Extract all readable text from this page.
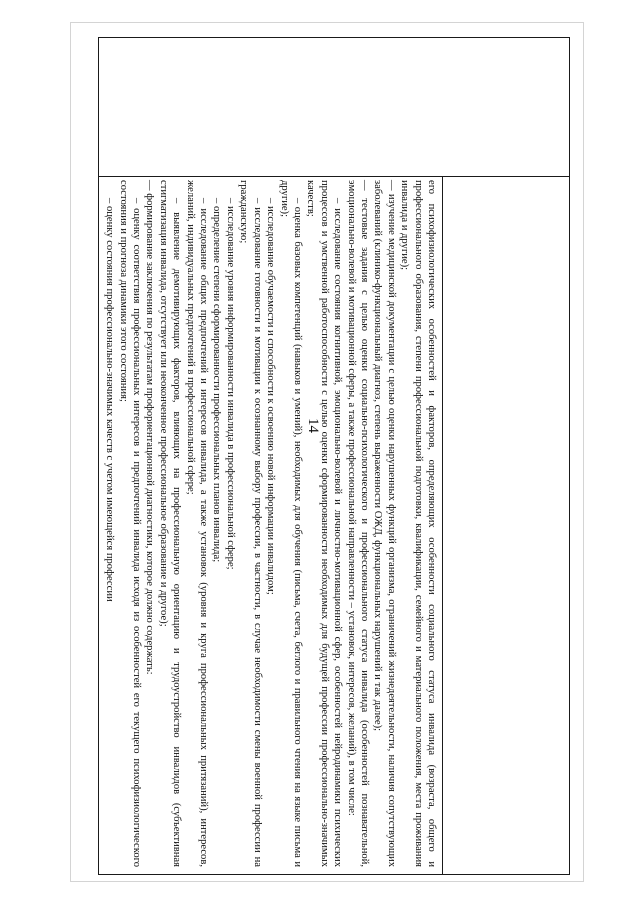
14	его психофизиологических особенностей и факторов, определяющих особенности социального статуса инвалида (возраста, общего и профессионального образования, степени профессиональной подготовки, квалификации, семейного и материального положения, места проживания инвалида и другие);

— изучение медицинской документации с целью оценки нарушенных функций организма, ограничений жизнедеятельности, наличия сопутствующих заболеваний (клинико-функциональный диагноз, степень выраженности ОЖД, функциональных нарушений и так далее);

— тестовые задания с целью оценки социально-психологического и профессионального статуса инвалида (особенностей познавательной, эмоционально-волевой и мотивационной сферы, а также профессиональной направленности – установок, интересов, желаний), в том числе:

– исследование состояния когнитивной, эмоционально-волевой и личностно-мотивационной сфер, особенностей нейродинамики психических процессов и умственной работоспособности с целью оценки сформированности необходимых для будущей профессии профессионально-значимых качеств;

– оценка базовых компетенций (навыков и умений), необходимых для обучения (письма, счета, беглого и правильного чтения на языке письма и другие);

– исследование обучаемости и способности к освоению новой информации инвалидом;

– исследование готовности и мотивации к осознанному выбору профессии, в частности, в случае необходимости смены военной профессии на гражданскую;

– исследование уровня информированности инвалида в профессиональной сфере;

– определение степени сформированности профессиональных планов инвалида;

– исследование общих предпочтений и интересов инвалида, а также установок (уровня и круга профессиональных притязаний), интересов, желаний, индивидуальных предпочтений в профессиональной сфере;

– выявление демотивирующих факторов, влияющих на профессиональную ориентацию и трудоустройство инвалидов (субъективная стигматизация инвалида, отсутствует или неоконченное профессиональное образование и другое);

— формирование заключения по результатам профориентационной диагностики, которое должно содержать:

– оценку соответствия профессиональных интересов и предпочтений инвалида исходя из особенностей его текущего психофизиологического состояния и прогноза динамики этого состояния;

– оценку состояния профессионально-значимых качеств с учетом имеющейся профессии
